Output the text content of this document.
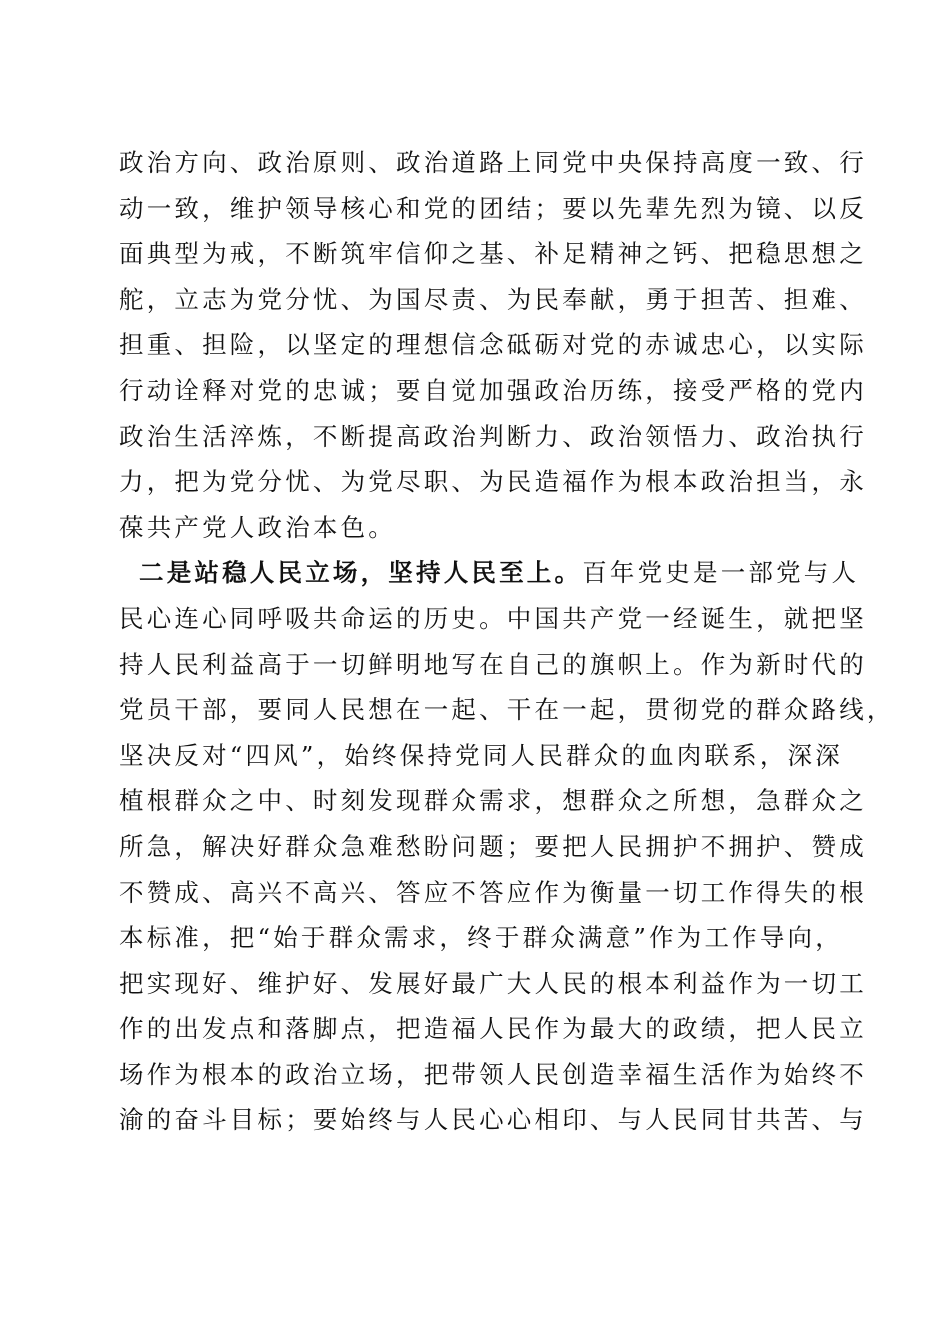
政治方向、政治原则、政治道路上同党中央保持高度一致、行
动一致，维护领导核心和党的团结；要以先辈先烈为镜、以反
面典型为戒，不断筑牢信仰之基、补足精神之钙、把稳思想之
舵，立志为党分忧、为国尽责、为民奉献，勇于担苦、担难、
担重、担险，以坚定的理想信念砥砺对党的赤诚忠心，以实际
行动诠释对党的忠诚；要自觉加强政治历练，接受严格的党内
政治生活淬炼，不断提高政治判断力、政治领悟力、政治执行
力，把为党分忧、为党尽职、为民造福作为根本政治担当，永
葆共产党人政治本色。
二是站稳人民立场，坚持人民至上。百年党史是一部党与人
民心连心同呼吸共命运的历史。中国共产党一经诞生，就把坚
持人民利益高于一切鲜明地写在自己的旗帜上。作为新时代的
党员干部，要同人民想在一起、干在一起，贯彻党的群众路线，
坚决反对“四风”，始终保持党同人民群众的血肉联系，深深
植根群众之中、时刻发现群众需求，想群众之所想，急群众之
所急，解决好群众急难愁盼问题；要把人民拥护不拥护、赞成
不赞成、高兴不高兴、答应不答应作为衡量一切工作得失的根
本标准，把“始于群众需求，终于群众满意”作为工作导向，
把实现好、维护好、发展好最广大人民的根本利益作为一切工
作的出发点和落脚点，把造福人民作为最大的政绩，把人民立
场作为根本的政治立场，把带领人民创造幸福生活作为始终不
渝的奋斗目标；要始终与人民心心相印、与人民同甘共苦、与
